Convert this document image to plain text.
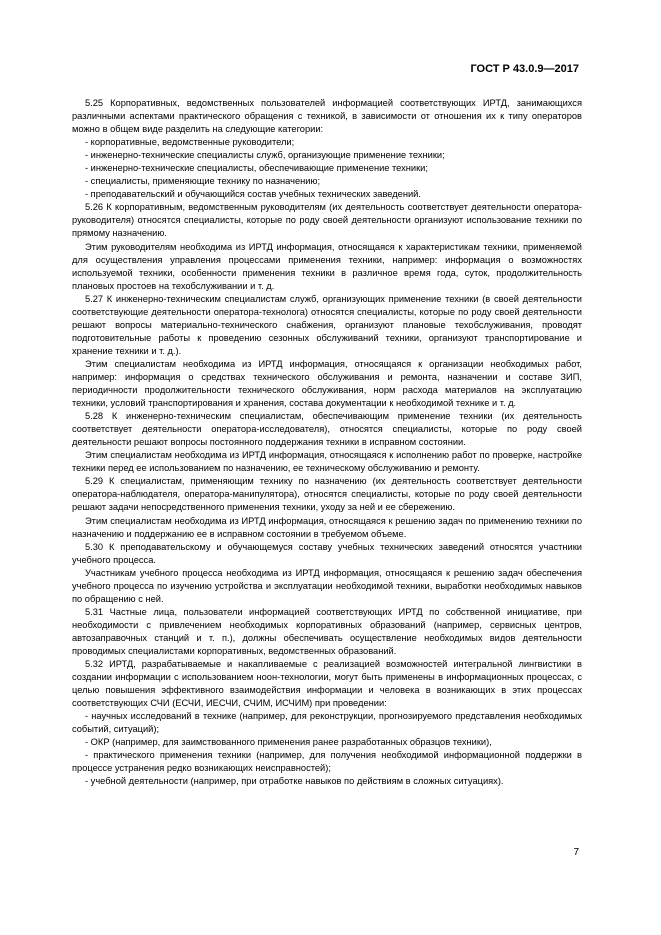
ГОСТ Р 43.0.9—2017

5.25 Корпоративных, ведомственных пользователей информацией соответствующих ИРТД, занимающихся различными аспектами практического обращения с техникой, в зависимости от отношения их к типу операторов можно в общем виде разделить на следующие категории:

- корпоративные, ведомственные руководители;

- инженерно-технические специалисты служб, организующие применение техники;

- инженерно-технические специалисты, обеспечивающие применение техники;

- специалисты, применяющие технику по назначению;

- преподавательский и обучающийся состав учебных технических заведений.

5.26 К корпоративным, ведомственным руководителям (их деятельность соответствует деятельности оператора-руководителя) относятся специалисты, которые по роду своей деятельности организуют использование техники по прямому назначению.

Этим руководителям необходима из ИРТД информация, относящаяся к характеристикам техники, применяемой для осуществления управления процессами применения техники, например: информация о возможностях используемой техники, особенности применения техники в различное время года, суток, продолжительность плановых простоев на техобслуживании и т. д.

5.27 К инженерно-техническим специалистам служб, организующих применение техники (в своей деятельности соответствующие деятельности оператора-технолога) относятся специалисты, которые по роду своей деятельности решают вопросы материально-технического снабжения, организуют плановые техобслуживания, проводят подготовительные работы к проведению сезонных обслуживаний техники, организуют транспортирование и хранение техники и т. д.).

Этим специалистам необходима из ИРТД информация, относящаяся к организации необходимых работ, например: информация о средствах технического обслуживания и ремонта, назначении и составе ЗИП, периодичности продолжительности технического обслуживания, норм расхода материалов на эксплуатацию техники, условий транспортирования и хранения, состава документации к необходимой технике и т. д.

5.28 К инженерно-техническим специалистам, обеспечивающим применение техники (их деятельность соответствует деятельности оператора-исследователя), относятся специалисты, которые по роду своей деятельности решают вопросы постоянного поддержания техники в исправном состоянии.

Этим специалистам необходима из ИРТД информация, относящаяся к исполнению работ по проверке, настройке техники перед ее использованием по назначению, ее техническому обслуживанию и ремонту.

5.29 К специалистам, применяющим технику по назначению (их деятельность соответствует деятельности оператора-наблюдателя, оператора-манипулятора), относятся специалисты, которые по роду своей деятельности решают задачи непосредственного применения техники, уходу за ней и ее сбережению.

Этим специалистам необходима из ИРТД информация, относящаяся к решению задач по применению техники по назначению и поддержанию ее в исправном состоянии в требуемом объеме.

5.30 К преподавательскому и обучающемуся составу учебных технических заведений относятся участники учебного процесса.

Участникам учебного процесса необходима из ИРТД информация, относящаяся к решению задач обеспечения учебного процесса по изучению устройства и эксплуатации необходимой техники, выработки необходимых навыков по обращению с ней.

5.31 Частные лица, пользователи информацией соответствующих ИРТД по собственной инициативе, при необходимости с привлечением необходимых корпоративных образований (например, сервисных центров, автозаправочных станций и т. п.), должны обеспечивать осуществление необходимых видов деятельности проводимых специалистами корпоративных, ведомственных образований.

5.32 ИРТД, разрабатываемые и накапливаемые с реализацией возможностей интегральной лингвистики в создании информации с использованием ноон-технологии, могут быть применены в информационных процессах, с целью повышения эффективного взаимодействия информации и человека в возникающих в этих процессах соответствующих СЧИ (ЕСЧИ, ИЕСЧИ, СЧИМ, ИСЧИМ) при проведении:

- научных исследований в технике (например, для реконструкции, прогнозируемого представления необходимых событий, ситуаций);

- ОКР (например, для заимствованного применения ранее разработанных образцов техники),

- практического применения техники (например, для получения необходимой информационной поддержки в процессе устранения редко возникающих неисправностей);

- учебной деятельности (например, при отработке навыков по действиям в сложных ситуациях).

7
